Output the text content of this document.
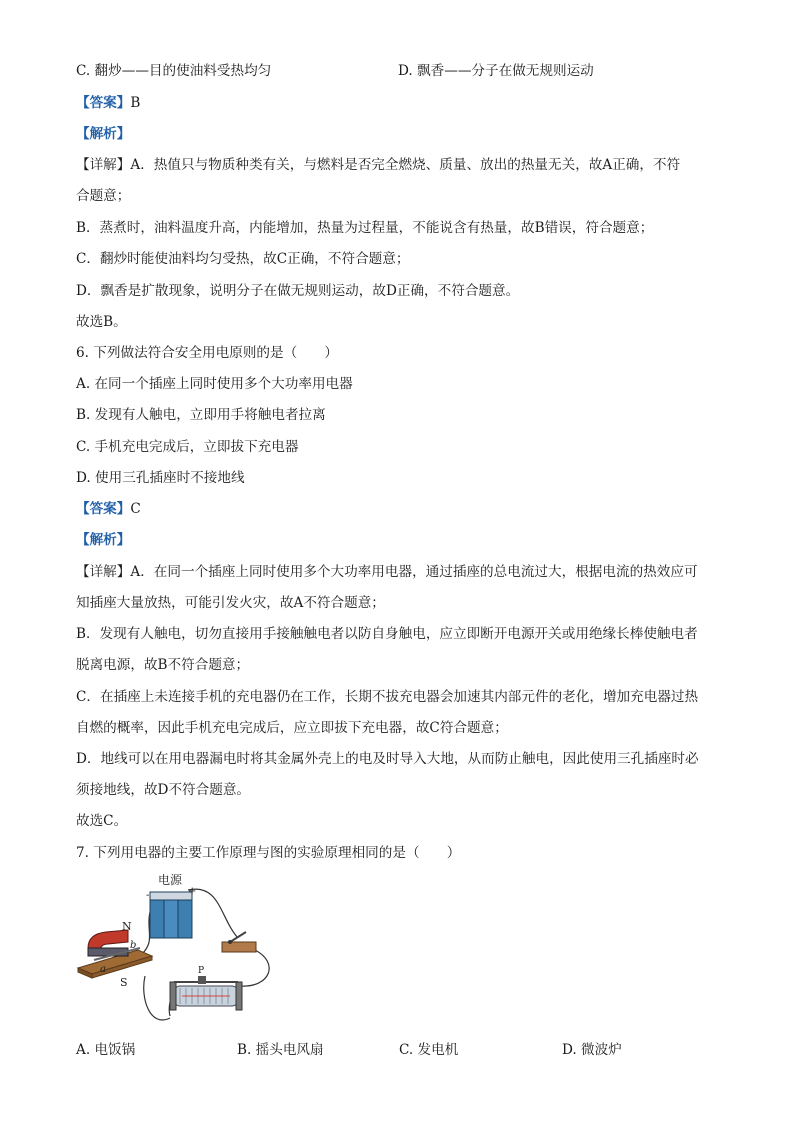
C. 翻炒——目的使油料受热均匀	D. 飘香——分子在做无规则运动
【答案】B
【解析】
【详解】A．热值只与物质种类有关，与燃料是否完全燃烧、质量、放出的热量无关，故A正确，不符
合题意；
B．蒸煮时，油料温度升高，内能增加，热量为过程量，不能说含有热量，故B错误，符合题意；
C．翻炒时能使油料均匀受热，故C正确，不符合题意；
D．飘香是扩散现象，说明分子在做无规则运动，故D正确，不符合题意。
故选B。
6. 下列做法符合安全用电原则的是（　　）
A. 在同一个插座上同时使用多个大功率用电器
B. 发现有人触电，立即用手将触电者拉离
C. 手机充电完成后，立即拔下充电器
D. 使用三孔插座时不接地线
【答案】C
【解析】
【详解】A．在同一个插座上同时使用多个大功率用电器，通过插座的总电流过大，根据电流的热效应可
知插座大量放热，可能引发火灾，故A不符合题意；
B．发现有人触电，切勿直接用手接触触电者以防自身触电，应立即断开电源开关或用绝缘长棒使触电者
脱离电源，故B不符合题意；
C．在插座上未连接手机的充电器仍在工作，长期不拔充电器会加速其内部元件的老化，增加充电器过热
自燃的概率，因此手机充电完成后，应立即拔下充电器，故C符合题意；
D．地线可以在用电器漏电时将其金属外壳上的电及时导入大地，从而防止触电，因此使用三孔插座时必
须接地线，故D不符合题意。
故选C。
7. 下列用电器的主要工作原理与图的实验原理相同的是（　　）
电源
-	+
N
S
a
b
P
A. 电饭锅	B. 摇头电风扇	C. 发电机	D. 微波炉
